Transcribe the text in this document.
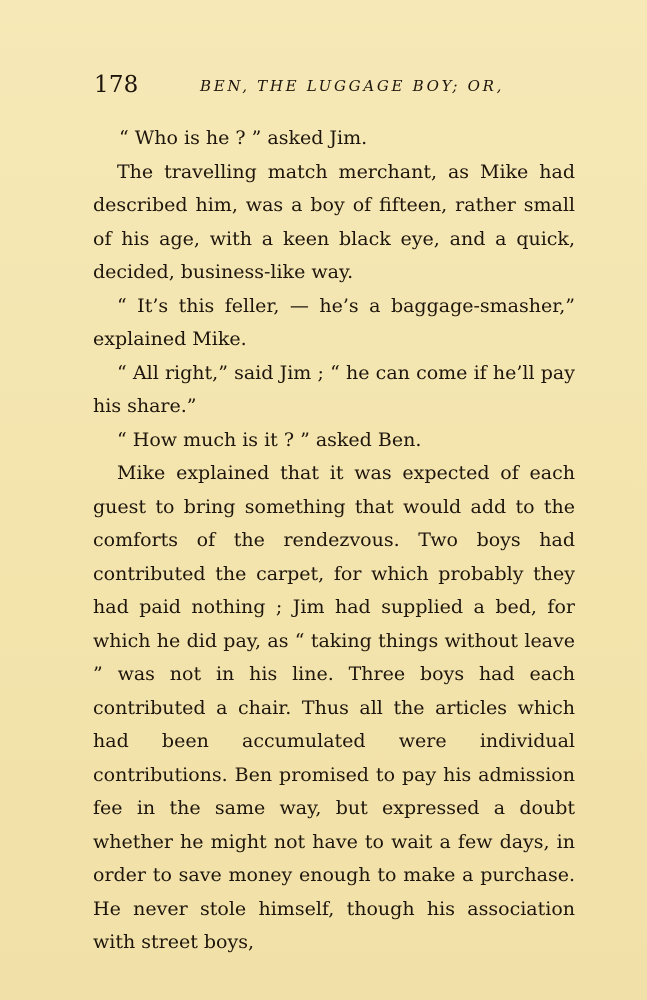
178	BEN, THE LUGGAGE BOY; OR,

“ Who is he ? ” asked Jim.

The travelling match merchant, as Mike had described him, was a boy of fifteen, rather small of his age, with a keen black eye, and a quick, decided, business-like way.

“ It’s this feller, — he’s a baggage-smasher,” explained Mike.

“ All right,” said Jim ; “ he can come if he’ll pay his share.”

“ How much is it ? ” asked Ben.

Mike explained that it was expected of each guest to bring something that would add to the comforts of the rendezvous. Two boys had contributed the carpet, for which probably they had paid nothing ; Jim had supplied a bed, for which he did pay, as “ taking things without leave ” was not in his line. Three boys had each contributed a chair. Thus all the articles which had been accumulated were individual contributions. Ben promised to pay his admission fee in the same way, but expressed a doubt whether he might not have to wait a few days, in order to save money enough to make a purchase. He never stole himself, though his association with street boys,
